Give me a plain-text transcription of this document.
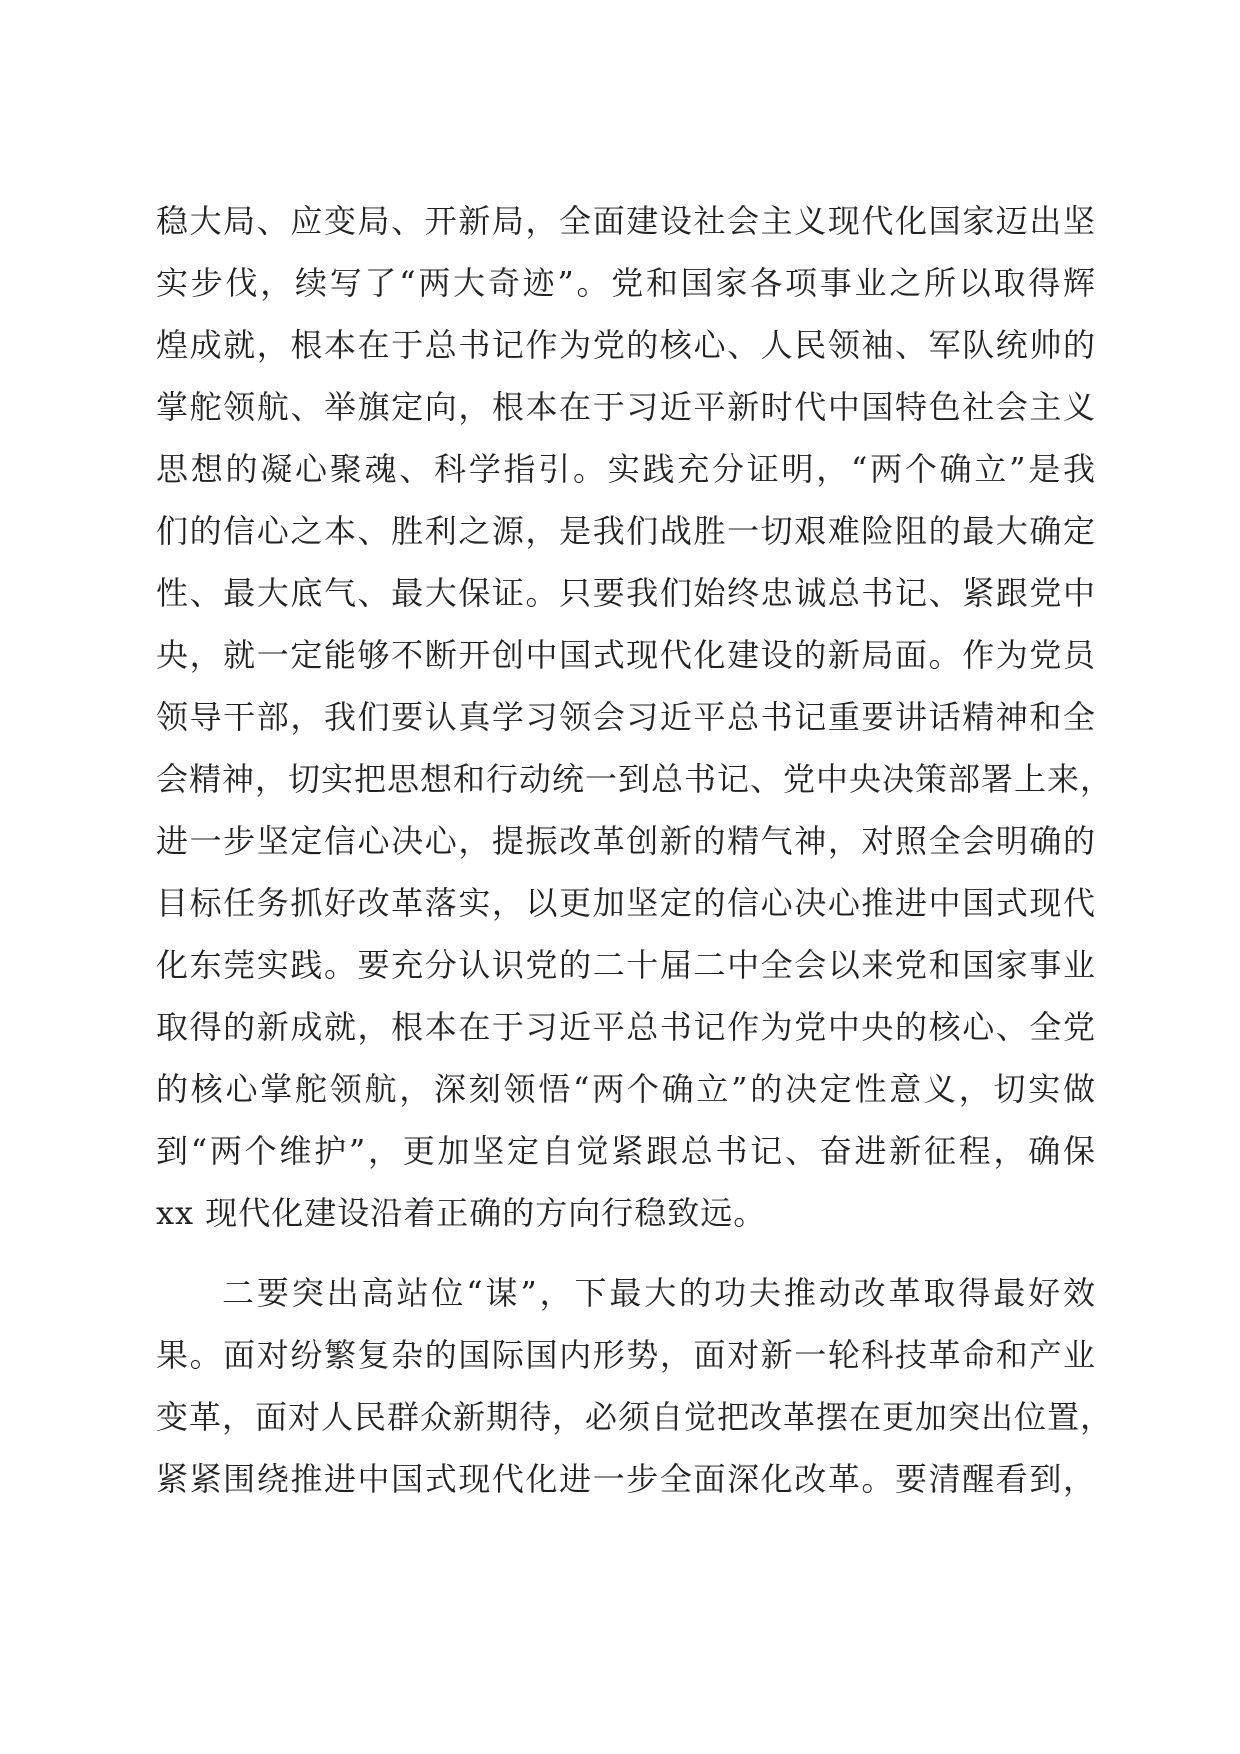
稳大局、应变局、开新局，全面建设社会主义现代化国家迈出坚
实步伐，续写了“两大奇迹”。党和国家各项事业之所以取得辉
煌成就，根本在于总书记作为党的核心、人民领袖、军队统帅的
掌舵领航、举旗定向，根本在于习近平新时代中国特色社会主义
思想的凝心聚魂、科学指引。实践充分证明，“两个确立”是我
们的信心之本、胜利之源，是我们战胜一切艰难险阻的最大确定
性、最大底气、最大保证。只要我们始终忠诚总书记、紧跟党中
央，就一定能够不断开创中国式现代化建设的新局面。作为党员
领导干部，我们要认真学习领会习近平总书记重要讲话精神和全
会精神，切实把思想和行动统一到总书记、党中央决策部署上来，
进一步坚定信心决心，提振改革创新的精气神，对照全会明确的
目标任务抓好改革落实，以更加坚定的信心决心推进中国式现代
化东莞实践。要充分认识党的二十届二中全会以来党和国家事业
取得的新成就，根本在于习近平总书记作为党中央的核心、全党
的核心掌舵领航，深刻领悟“两个确立”的决定性意义，切实做
到“两个维护”，更加坚定自觉紧跟总书记、奋进新征程，确保
xx 现代化建设沿着正确的方向行稳致远。
二要突出高站位“谋”，下最大的功夫推动改革取得最好效
果。面对纷繁复杂的国际国内形势，面对新一轮科技革命和产业
变革，面对人民群众新期待，必须自觉把改革摆在更加突出位置，
紧紧围绕推进中国式现代化进一步全面深化改革。要清醒看到，
